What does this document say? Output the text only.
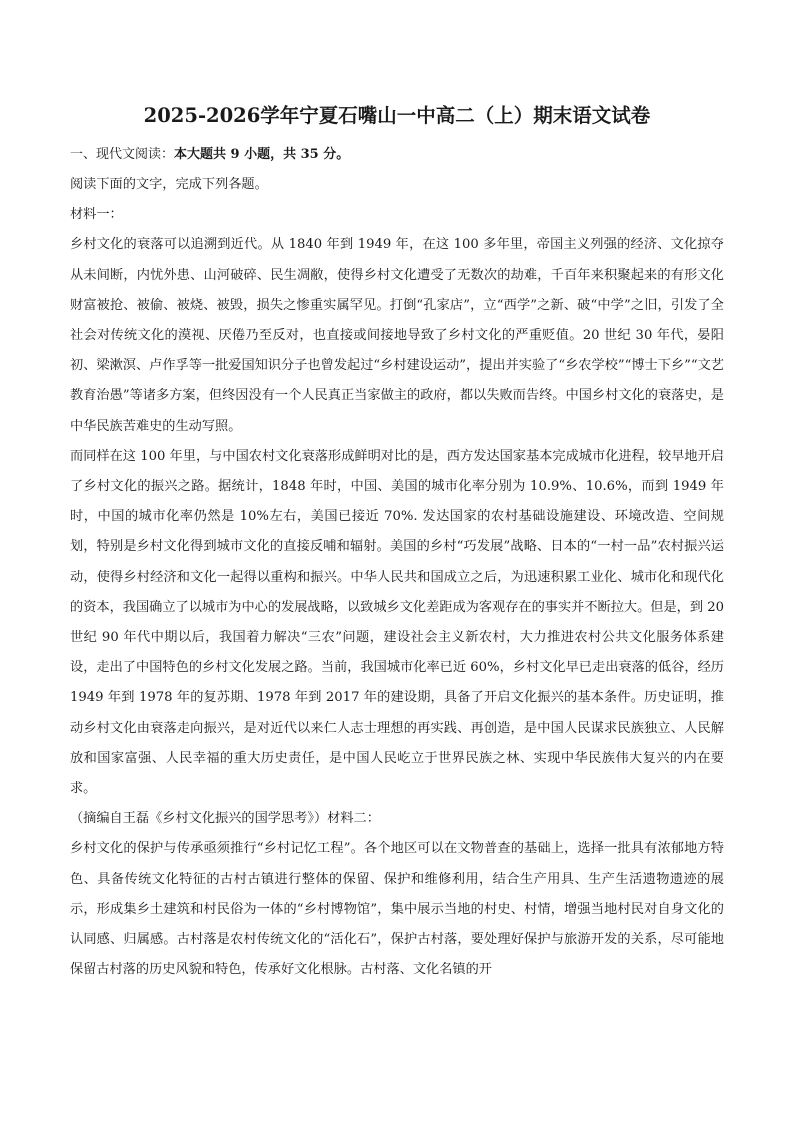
2025-2026学年宁夏石嘴山一中高二（上）期末语文试卷
一、现代文阅读：本大题共 9 小题，共 35 分。

阅读下面的文字，完成下列各题。

材料一：

乡村文化的衰落可以追溯到近代。从 1840 年到 1949 年，在这 100 多年里，帝国主义列强的经济、文化掠夺从未间断，内忧外患、山河破碎、民生凋敝，使得乡村文化遭受了无数次的劫难，千百年来积聚起来的有形文化财富被抢、被偷、被烧、被毁，损失之惨重实属罕见。打倒“孔家店”，立“西学”之新、破“中学”之旧，引发了全社会对传统文化的漠视、厌倦乃至反对，也直接或间接地导致了乡村文化的严重贬值。20 世纪 30 年代，晏阳初、梁漱溟、卢作孚等一批爱国知识分子也曾发起过“乡村建设运动”，提出并实验了“乡农学校”“博士下乡”“文艺教育治愚”等诸多方案，但终因没有一个人民真正当家做主的政府，都以失败而告终。中国乡村文化的衰落史，是中华民族苦难史的生动写照。

而同样在这 100 年里，与中国农村文化衰落形成鲜明对比的是，西方发达国家基本完成城市化进程，较早地开启了乡村文化的振兴之路。据统计，1848 年时，中国、美国的城市化率分别为 10.9%、10.6%，而到 1949 年时，中国的城市化率仍然是 10%左右，美国已接近 70%. 发达国家的农村基础设施建设、环境改造、空间规划，特别是乡村文化得到城市文化的直接反哺和辐射。美国的乡村“巧发展”战略、日本的“一村一品”农村振兴运动，使得乡村经济和文化一起得以重构和振兴。中华人民共和国成立之后，为迅速积累工业化、城市化和现代化的资本，我国确立了以城市为中心的发展战略，以致城乡文化差距成为客观存在的事实并不断拉大。但是，到 20 世纪 90 年代中期以后，我国着力解决“三农”问题，建设社会主义新农村，大力推进农村公共文化服务体系建设，走出了中国特色的乡村文化发展之路。当前，我国城市化率已近 60%，乡村文化早已走出衰落的低谷，经历 1949 年到 1978 年的复苏期、1978 年到 2017 年的建设期，具备了开启文化振兴的基本条件。历史证明，推动乡村文化由衰落走向振兴，是对近代以来仁人志士理想的再实践、再创造，是中国人民谋求民族独立、人民解放和国家富强、人民幸福的重大历史责任，是中国人民屹立于世界民族之林、实现中华民族伟大复兴的内在要求。

（摘编自王磊《乡村文化振兴的国学思考》）材料二：

乡村文化的保护与传承亟须推行“乡村记忆工程”。各个地区可以在文物普查的基础上，选择一批具有浓郁地方特色、具备传统文化特征的古村古镇进行整体的保留、保护和维修利用，结合生产用具、生产生活遗物遗迹的展示，形成集乡土建筑和村民俗为一体的“乡村博物馆”，集中展示当地的村史、村情，增强当地村民对自身文化的认同感、归属感。古村落是农村传统文化的“活化石”，保护古村落，要处理好保护与旅游开发的关系，尽可能地保留古村落的历史风貌和特色，传承好文化根脉。古村落、文化名镇的开
